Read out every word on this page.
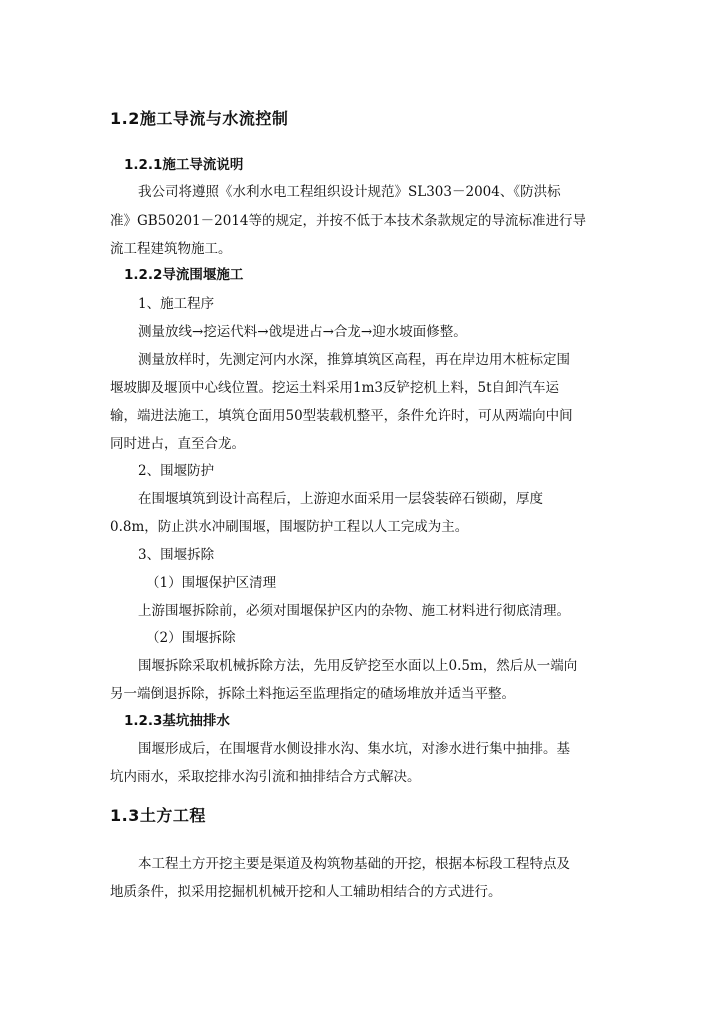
1.2施工导流与水流控制
1.2.1施工导流说明

我公司将遵照《水利水电工程组织设计规范》SL303－2004、《防洪标

准》GB50201－2014等的规定，并按不低于本技术条款规定的导流标准进行导

流工程建筑物施工。

1.2.2导流围堰施工

1、施工程序

测量放线→挖运代料→戗堤进占→合龙→迎水坡面修整。

测量放样时，先测定河内水深，推算填筑区高程，再在岸边用木桩标定围

堰坡脚及堰顶中心线位置。挖运土料采用1m3反铲挖机上料，5t自卸汽车运

输，端进法施工，填筑仓面用50型装载机整平，条件允许时，可从两端向中间

同时进占，直至合龙。

2、围堰防护

在围堰填筑到设计高程后，上游迎水面采用一层袋装碎石锁砌，厚度

0.8m，防止洪水冲刷围堰，围堰防护工程以人工完成为主。

3、围堰拆除

（1）围堰保护区清理

上游围堰拆除前，必须对围堰保护区内的杂物、施工材料进行彻底清理。

（2）围堰拆除

围堰拆除采取机械拆除方法，先用反铲挖至水面以上0.5m，然后从一端向

另一端倒退拆除，拆除土料拖运至监理指定的碴场堆放并适当平整。

1.2.3基坑抽排水

围堰形成后，在围堰背水侧设排水沟、集水坑，对渗水进行集中抽排。基

坑内雨水，采取挖排水沟引流和抽排结合方式解决。

1.3土方工程

本工程土方开挖主要是渠道及构筑物基础的开挖，根据本标段工程特点及

地质条件，拟采用挖掘机机械开挖和人工辅助相结合的方式进行。
